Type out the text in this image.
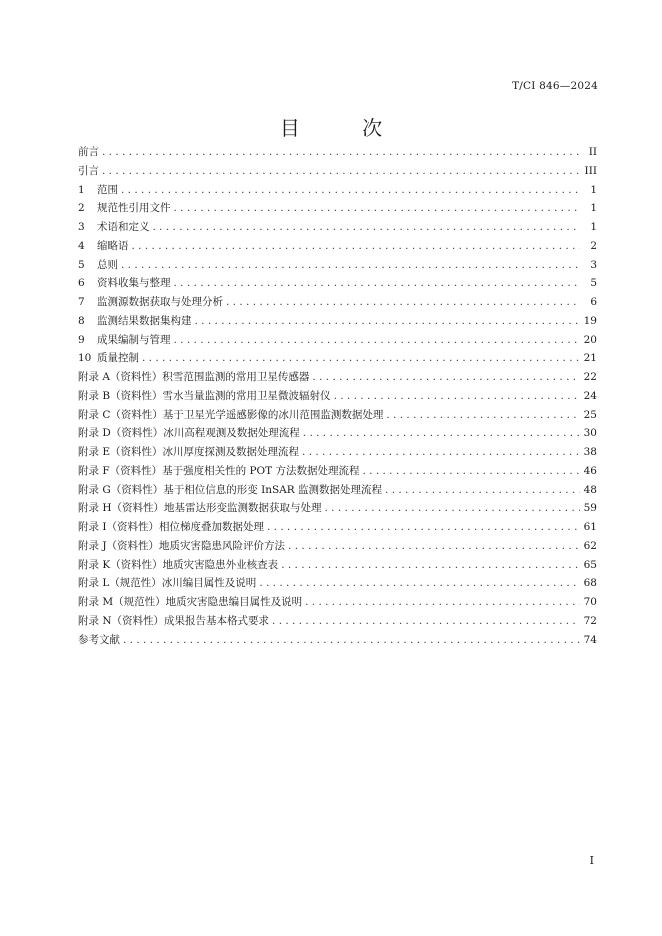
T/CI 846—2024
目 次
前言 . . .	II
引言 . . .	III
1 范围 . . .	1
2 规范性引用文件 . . .	1
3 术语和定义 . . .	1
4 缩略语 . . .	2
5 总则 . . .	3
6 资料收集与整理 . . .	5
7 监测源数据获取与处理分析 . . .	6
8 监测结果数据集构建 . . .	19
9 成果编制与管理 . . .	20
10 质量控制 . . .	21
附录 A（资料性）积雪范围监测的常用卫星传感器 . . .	22
附录 B（资料性）雪水当量监测的常用卫星微波辐射仪 . . .	24
附录 C（资料性）基于卫星光学遥感影像的冰川范围监测数据处理 . . .	25
附录 D（资料性）冰川高程观测及数据处理流程 . . .	30
附录 E（资料性）冰川厚度探测及数据处理流程 . . .	38
附录 F（资料性）基于强度相关性的 POT 方法数据处理流程 . . .	46
附录 G（资料性）基于相位信息的形变 InSAR 监测数据处理流程 . . .	48
附录 H（资料性）地基雷达形变监测数据获取与处理 . . .	59
附录 I（资料性）相位梯度叠加数据处理 . . .	61
附录 J（资料性）地质灾害隐患风险评价方法 . . .	62
附录 K（资料性）地质灾害隐患外业核查表 . . .	65
附录 L（规范性）冰川编目属性及说明 . . .	68
附录 M（规范性）地质灾害隐患编目属性及说明 . . .	70
附录 N（资料性）成果报告基本格式要求 . . .	72
参考文献 . . .	74
I
